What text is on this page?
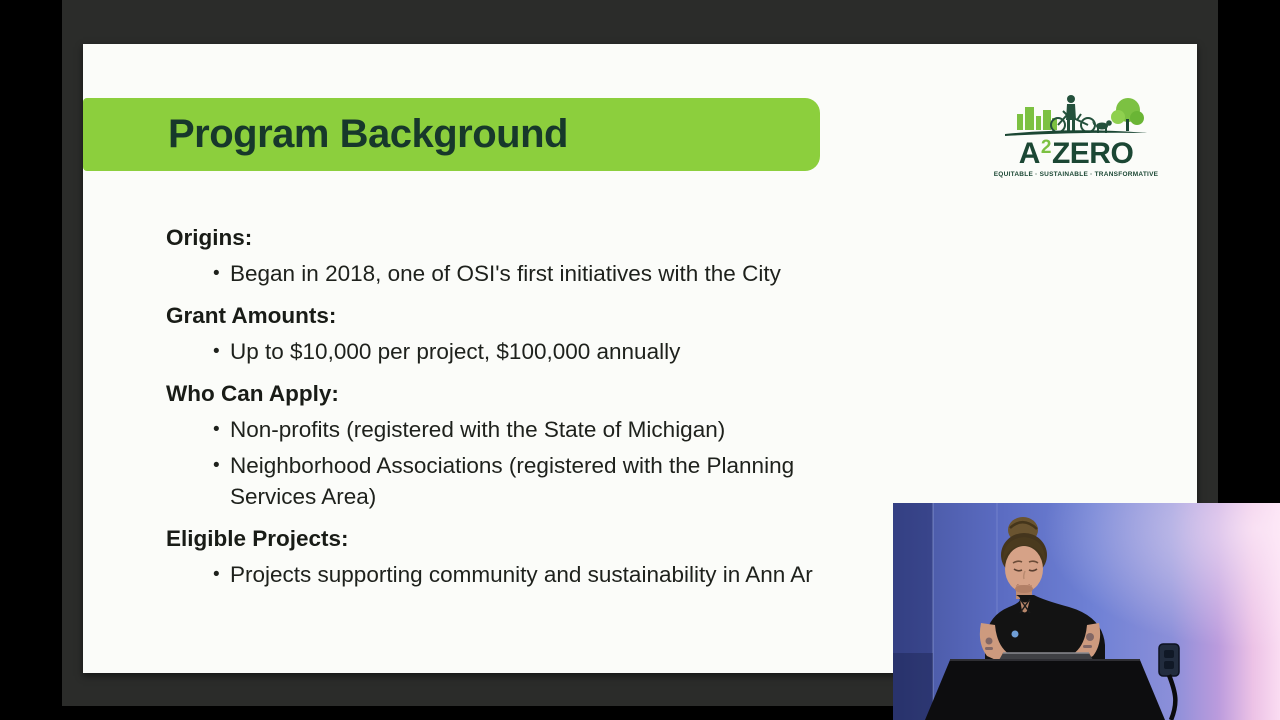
Program Background	A 2 ZERO
EQUITABLE · SUSTAINABLE · TRANSFORMATIVE
Origins:
• Began in 2018, one of OSI's first initiatives with the City
Grant Amounts:
• Up to $10,000 per project, $100,000 annually
Who Can Apply:
• Non-profits (registered with the State of Michigan)
• Neighborhood Associations (registered with the Planning Services Area)
Eligible Projects:
• Projects supporting community and sustainability in Ann Ar
